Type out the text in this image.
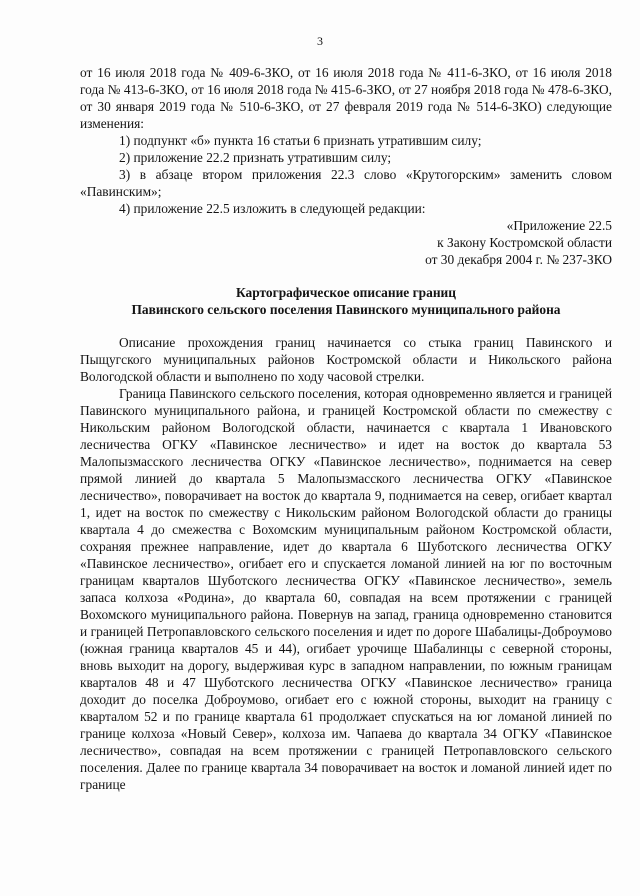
3

от 16 июля 2018 года № 409-6-ЗКО, от 16 июля 2018 года № 411-6-ЗКО, от 16 июля 2018 года № 413-6-ЗКО, от 16 июля 2018 года № 415-6-ЗКО, от 27 ноября 2018 года № 478-6-ЗКО, от 30 января 2019 года № 510-6-ЗКО, от 27 февраля 2019 года № 514-6-ЗКО) следующие изменения:

1) подпункт «б» пункта 16 статьи 6 признать утратившим силу;

2) приложение 22.2 признать утратившим силу;

3) в абзаце втором приложения 22.3 слово «Крутогорским» заменить словом «Павинским»;

4) приложение 22.5 изложить в следующей редакции:

«Приложение 22.5

к Закону Костромской области

от 30 декабря 2004 г. № 237-ЗКО

Картографическое описание границ

Павинского сельского поселения Павинского муниципального района

Описание прохождения границ начинается со стыка границ Павинского и Пыщугского муниципальных районов Костромской области и Никольского района Вологодской области и выполнено по ходу часовой стрелки.

Граница Павинского сельского поселения, которая одновременно является и границей Павинского муниципального района, и границей Костромской области по смежеству с Никольским районом Вологодской области, начинается с квартала 1 Ивановского лесничества ОГКУ «Павинское лесничество» и идет на восток до квартала 53 Малопызмасского лесничества ОГКУ «Павинское лесничество», поднимается на север прямой линией до квартала 5 Малопызмасского лесничества ОГКУ «Павинское лесничество», поворачивает на восток до квартала 9, поднимается на север, огибает квартал 1, идет на восток по смежеству с Никольским районом Вологодской области до границы квартала 4 до смежества с Вохомским муниципальным районом Костромской области, сохраняя прежнее направление, идет до квартала 6 Шуботского лесничества ОГКУ «Павинское лесничество», огибает его и спускается ломаной линией на юг по восточным границам кварталов Шуботского лесничества ОГКУ «Павинское лесничество», земель запаса колхоза «Родина», до квартала 60, совпадая на всем протяжении с границей Вохомского муниципального района. Повернув на запад, граница одновременно становится и границей Петропавловского сельского поселения и идет по дороге Шабалицы-Доброумово (южная граница кварталов 45 и 44), огибает урочище Шабалинцы с северной стороны, вновь выходит на дорогу, выдерживая курс в западном направлении, по южным границам кварталов 48 и 47 Шуботского лесничества ОГКУ «Павинское лесничество» граница доходит до поселка Доброумово, огибает его с южной стороны, выходит на границу с кварталом 52 и по границе квартала 61 продолжает спускаться на юг ломаной линией по границе колхоза «Новый Север», колхоза им. Чапаева до квартала 34 ОГКУ «Павинское лесничество», совпадая на всем протяжении с границей Петропавловского сельского поселения. Далее по границе квартала 34 поворачивает на восток и ломаной линией идет по границе
